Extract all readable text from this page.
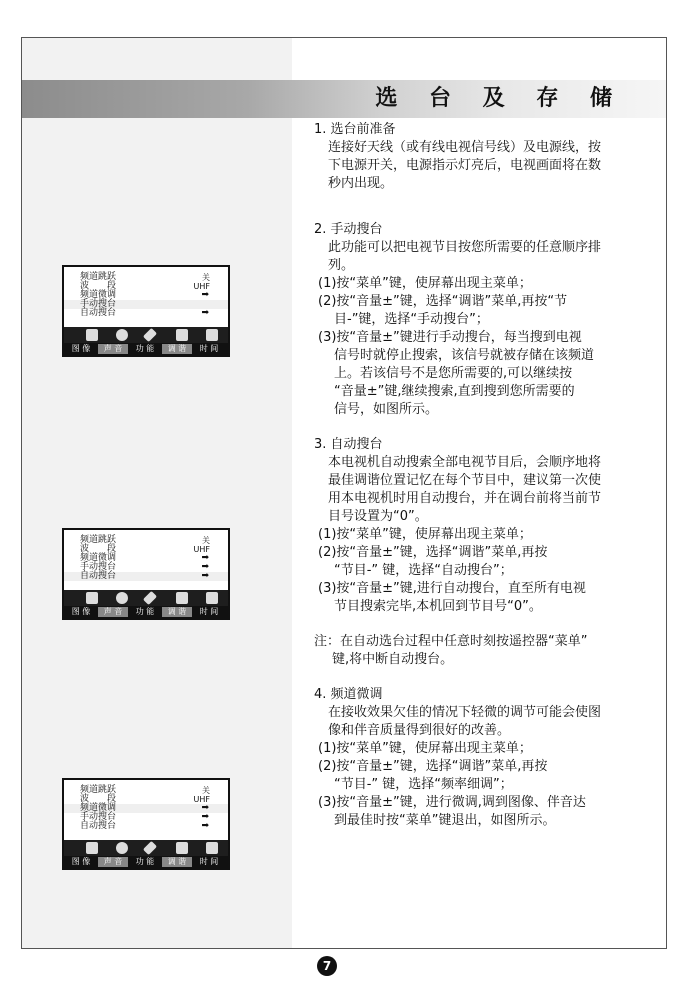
选 台 及 存 储

1. 选台前准备

连接好天线（或有线电视信号线）及电源线，按

下电源开关，电源指示灯亮后，电视画面将在数

秒内出现。

2. 手动搜台

此功能可以把电视节目按您所需要的任意顺序排

列。

(1)按“菜单”键，使屏幕出现主菜单；

(2)按“音量±”键，选择“调谐”菜单,再按“节

目-”键，选择“手动搜台”；

(3)按“音量±”键进行手动搜台，每当搜到电视

信号时就停止搜索，该信号就被存储在该频道

上。若该信号不是您所需要的,可以继续按

“音量±”键,继续搜索,直到搜到您所需要的

信号，如图所示。

3. 自动搜台

本电视机自动搜索全部电视节目后，会顺序地将

最佳调谐位置记忆在每个节目中，建议第一次使

用本电视机时用自动搜台，并在调台前将当前节

目号设置为“0”。

(1)按“菜单”键，使屏幕出现主菜单；

(2)按“音量±”键，选择“调谐”菜单,再按

“节目-” 键，选择“自动搜台”；

(3)按“音量±”键,进行自动搜台，直至所有电视

节目搜索完毕,本机回到节目号“0”。

注：在自动选台过程中任意时刻按遥控器“菜单”

键,将中断自动搜台。

4. 频道微调

在接收效果欠佳的情况下轻微的调节可能会使图

像和伴音质量得到很好的改善。

(1)按“菜单”键，使屏幕出现主菜单；

(2)按“音量±”键，选择“调谐”菜单,再按

“节目-” 键，选择“频率细调”；

(3)按“音量±”键，进行微调,调到图像、伴音达

到最佳时按“菜单”键退出，如图所示。

频道跳跃	关
波　　段	UHF
频道微调	➡
手动搜台
自动搜台	➡
图 像	声 音	功 能	调 谐	时 间
频道跳跃	关
波　　段	UHF
频道微调	➡
手动搜台	➡
自动搜台	➡
图 像	声 音	功 能	调 谐	时 间
频道跳跃	关
波　　段	UHF
频道微调	➡
手动搜台	➡
自动搜台	➡
图 像	声 音	功 能	调 谐	时 间
7
